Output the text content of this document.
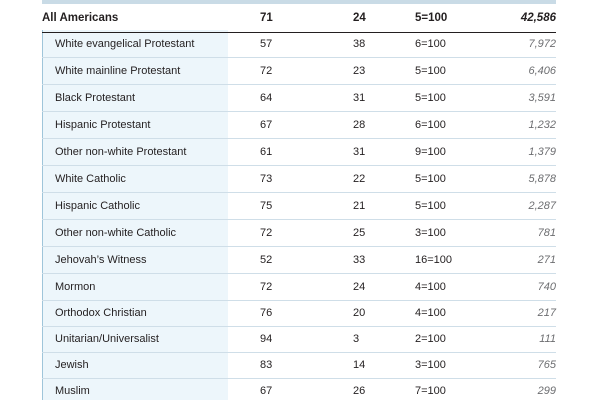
All Americans	71	24	5=100	42,586
White evangelical Protestant	57	38	6=100	7,972
White mainline Protestant	72	23	5=100	6,406
Black Protestant	64	31	5=100	3,591
Hispanic Protestant	67	28	6=100	1,232
Other non-white Protestant	61	31	9=100	1,379
White Catholic	73	22	5=100	5,878
Hispanic Catholic	75	21	5=100	2,287
Other non-white Catholic	72	25	3=100	781
Jehovah’s Witness	52	33	16=100	271
Mormon	72	24	4=100	740
Orthodox Christian	76	20	4=100	217
Unitarian/Universalist	94	3	2=100	111
Jewish	83	14	3=100	765
Muslim	67	26	7=100	299
